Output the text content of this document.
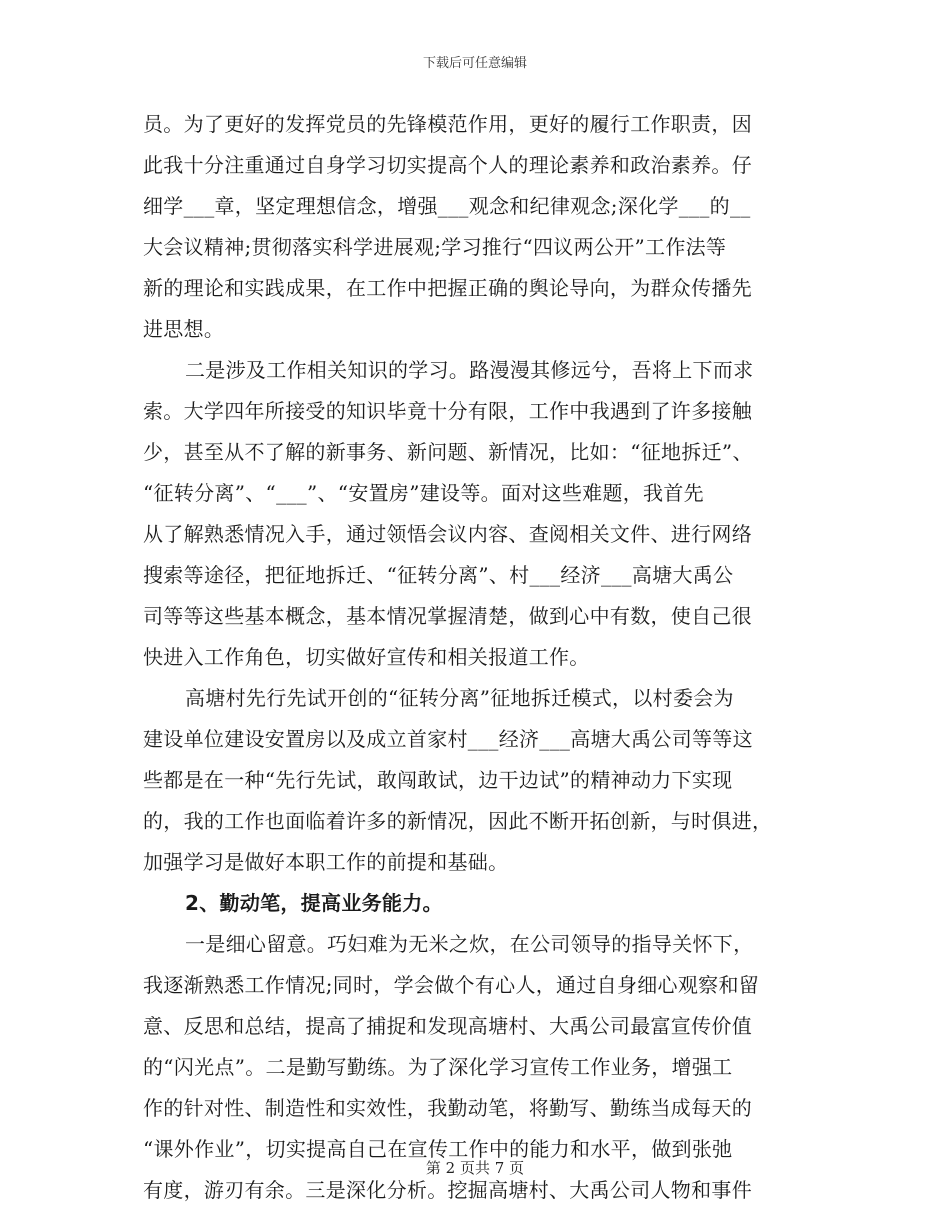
下载后可任意编辑
员。为了更好的发挥党员的先锋模范作用，更好的履行工作职责，因
此我十分注重通过自身学习切实提高个人的理论素养和政治素养。仔
细学___章，坚定理想信念，增强___观念和纪律观念;深化学___的__
大会议精神;贯彻落实科学进展观;学习推行“四议两公开”工作法等
新的理论和实践成果，在工作中把握正确的舆论导向，为群众传播先
进思想。
二是涉及工作相关知识的学习。路漫漫其修远兮，吾将上下而求
索。大学四年所接受的知识毕竟十分有限，工作中我遇到了许多接触
少，甚至从不了解的新事务、新问题、新情况，比如：“征地拆迁”、
“征转分离”、“___”、“安置房”建设等。面对这些难题，我首先
从了解熟悉情况入手，通过领悟会议内容、查阅相关文件、进行网络
搜索等途径，把征地拆迁、“征转分离”、村___经济___高塘大禹公
司等等这些基本概念，基本情况掌握清楚，做到心中有数，使自己很
快进入工作角色，切实做好宣传和相关报道工作。
高塘村先行先试开创的“征转分离”征地拆迁模式，以村委会为
建设单位建设安置房以及成立首家村___经济___高塘大禹公司等等这
些都是在一种“先行先试，敢闯敢试，边干边试”的精神动力下实现
的，我的工作也面临着许多的新情况，因此不断开拓创新，与时俱进，
加强学习是做好本职工作的前提和基础。
2、勤动笔，提高业务能力。
一是细心留意。巧妇难为无米之炊，在公司领导的指导关怀下，
我逐渐熟悉工作情况;同时，学会做个有心人，通过自身细心观察和留
意、反思和总结，提高了捕捉和发现高塘村、大禹公司最富宣传价值
的“闪光点”。二是勤写勤练。为了深化学习宣传工作业务，增强工
作的针对性、制造性和实效性，我勤动笔，将勤写、勤练当成每天的
“课外作业”，切实提高自己在宣传工作中的能力和水平，做到张弛
有度，游刃有余。三是深化分析。挖掘高塘村、大禹公司人物和事件
第 2 页共 7 页
